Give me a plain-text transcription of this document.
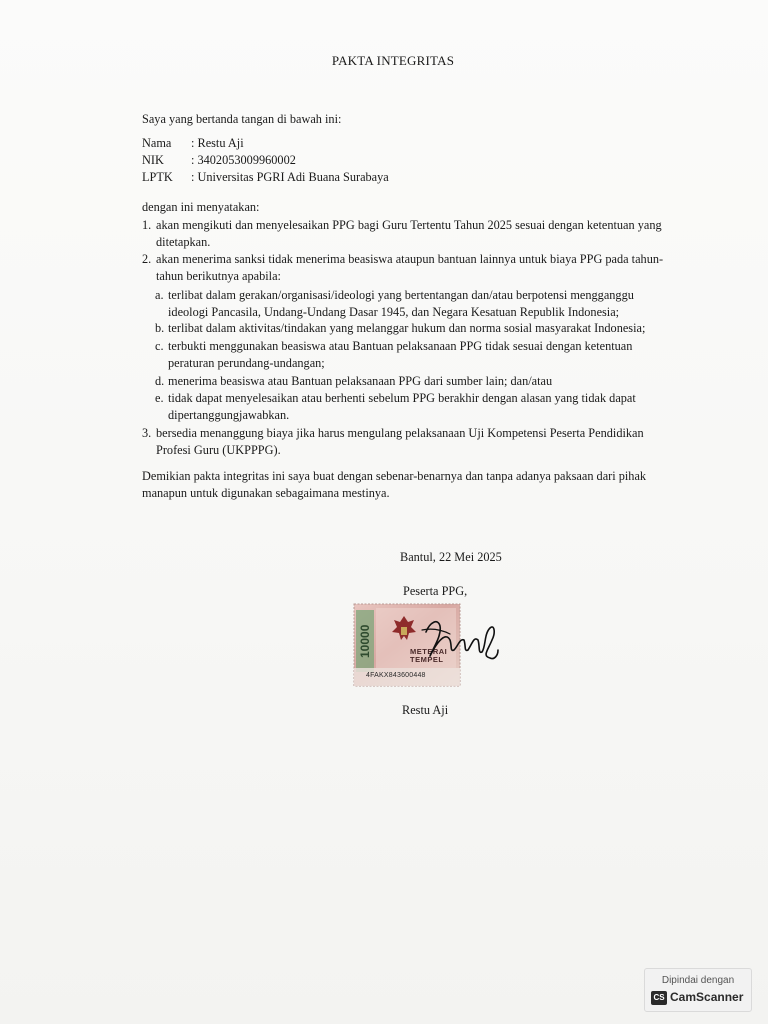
PAKTA INTEGRITAS
Saya yang bertanda tangan di bawah ini:
Nama : Restu Aji
NIK : 3402053009960002
LPTK : Universitas PGRI Adi Buana Surabaya
dengan ini menyatakan:
1. akan mengikuti dan menyelesaikan PPG bagi Guru Tertentu Tahun 2025 sesuai dengan ketentuan yang
ditetapkan.
2. akan menerima sanksi tidak menerima beasiswa ataupun bantuan lainnya untuk biaya PPG pada tahun-
tahun berikutnya apabila:
a. terlibat dalam gerakan/organisasi/ideologi yang bertentangan dan/atau berpotensi mengganggu
ideologi Pancasila, Undang-Undang Dasar 1945, dan Negara Kesatuan Republik Indonesia;
b. terlibat dalam aktivitas/tindakan yang melanggar hukum dan norma sosial masyarakat Indonesia;
c. terbukti menggunakan beasiswa atau Bantuan pelaksanaan PPG tidak sesuai dengan ketentuan
peraturan perundang-undangan;
d. menerima beasiswa atau Bantuan pelaksanaan PPG dari sumber lain; dan/atau
e. tidak dapat menyelesaikan atau berhenti sebelum PPG berakhir dengan alasan yang tidak dapat
dipertanggungjawabkan.
3. bersedia menanggung biaya jika harus mengulang pelaksanaan Uji Kompetensi Peserta Pendidikan
Profesi Guru (UKPPPG).
Demikian pakta integritas ini saya buat dengan sebenar-benarnya dan tanpa adanya paksaan dari pihak
manapun untuk digunakan sebagaimana mestinya.
Bantul, 22 Mei 2025
Peserta PPG,
10000	METERAI
TEMPEL
4FAKX843600448
Restu Aji
Dipindai dengan
CS CamScanner
